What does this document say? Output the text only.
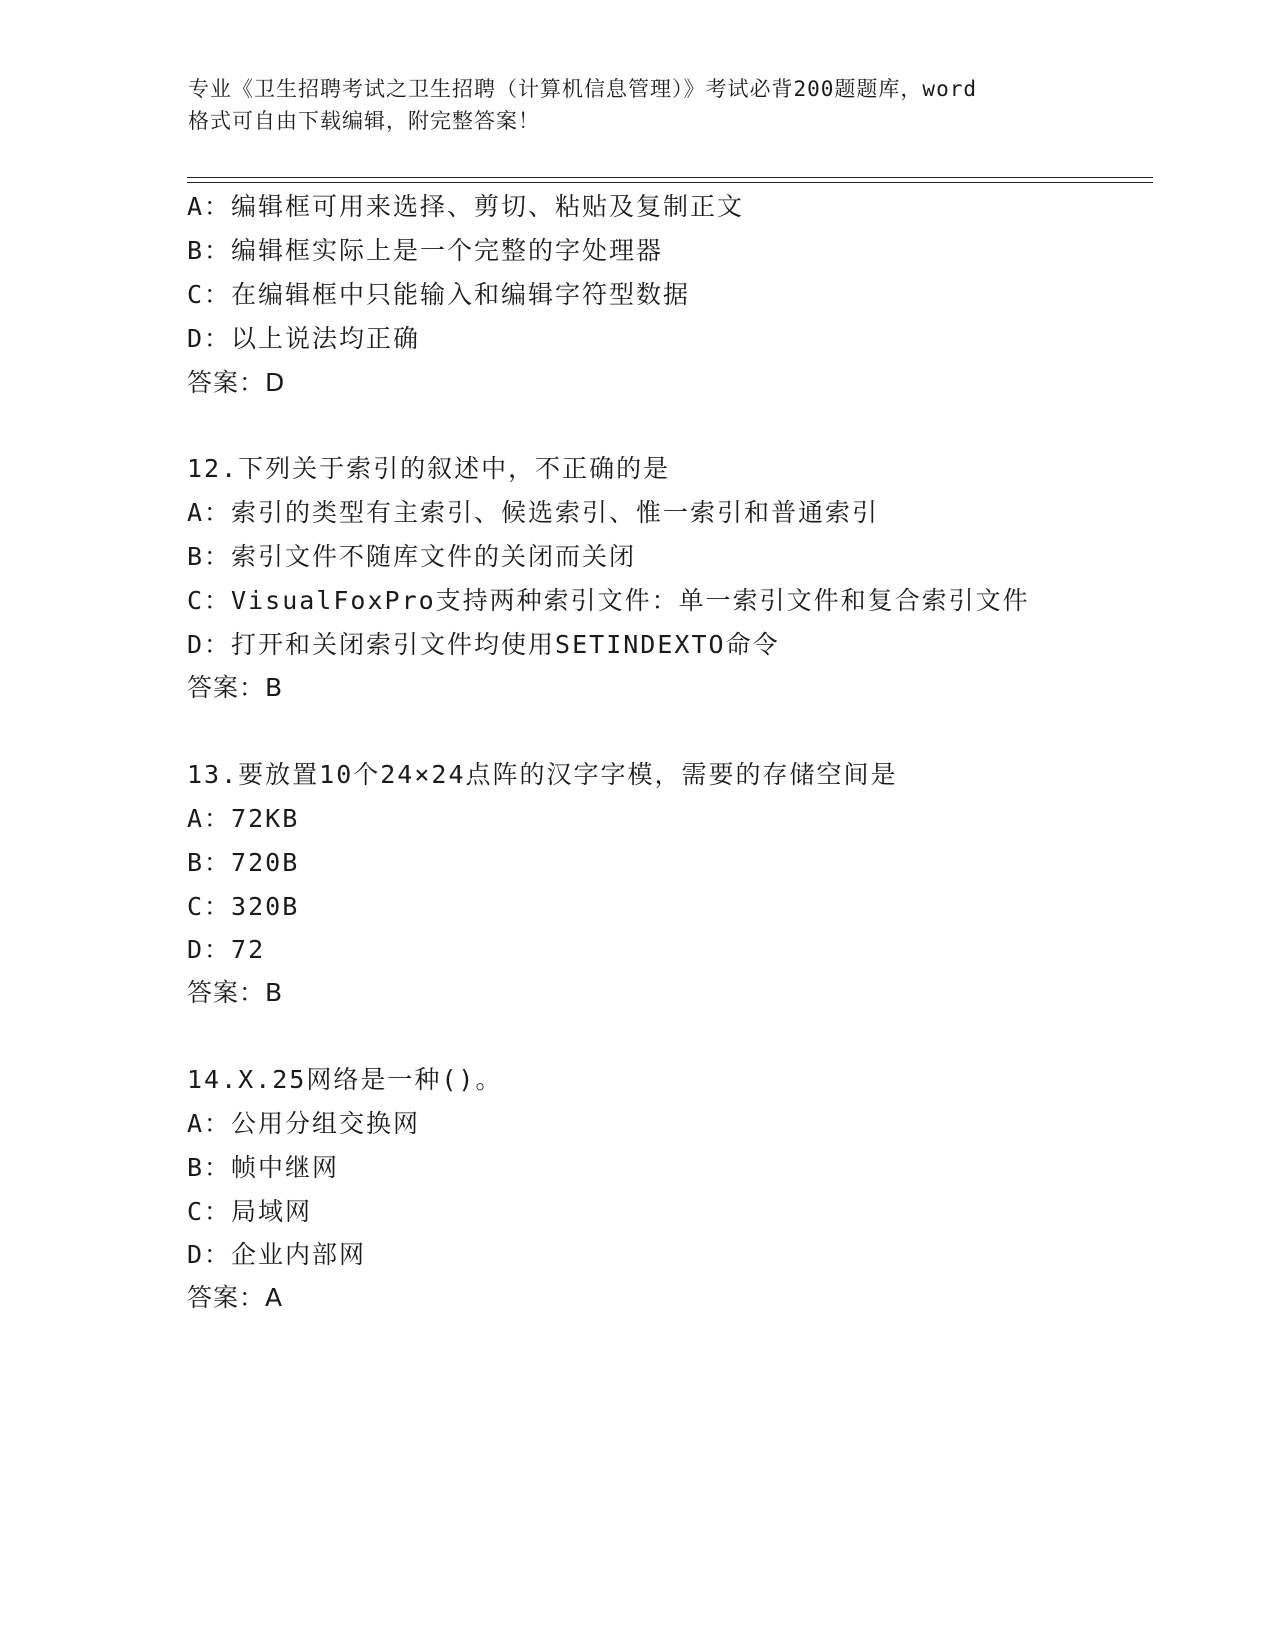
专业《卫生招聘考试之卫生招聘（计算机信息管理）》考试必背200题题库，word
格式可自由下载编辑，附完整答案！
A：编辑框可用来选择、剪切、粘贴及复制正文
B：编辑框实际上是一个完整的字处理器
C：在编辑框中只能输入和编辑字符型数据
D：以上说法均正确
答案：D
12.下列关于索引的叙述中，不正确的是
A：索引的类型有主索引、候选索引、惟一索引和普通索引
B：索引文件不随库文件的关闭而关闭
C：VisualFoxPro支持两种索引文件：单一索引文件和复合索引文件
D：打开和关闭索引文件均使用SETINDEXTO命令
答案：B
13.要放置10个24×24点阵的汉字字模，需要的存储空间是
A：72KB
B：720B
C：320B
D：72
答案：B
14.X.25网络是一种()。
A：公用分组交换网
B：帧中继网
C：局域网
D：企业内部网
答案：A
